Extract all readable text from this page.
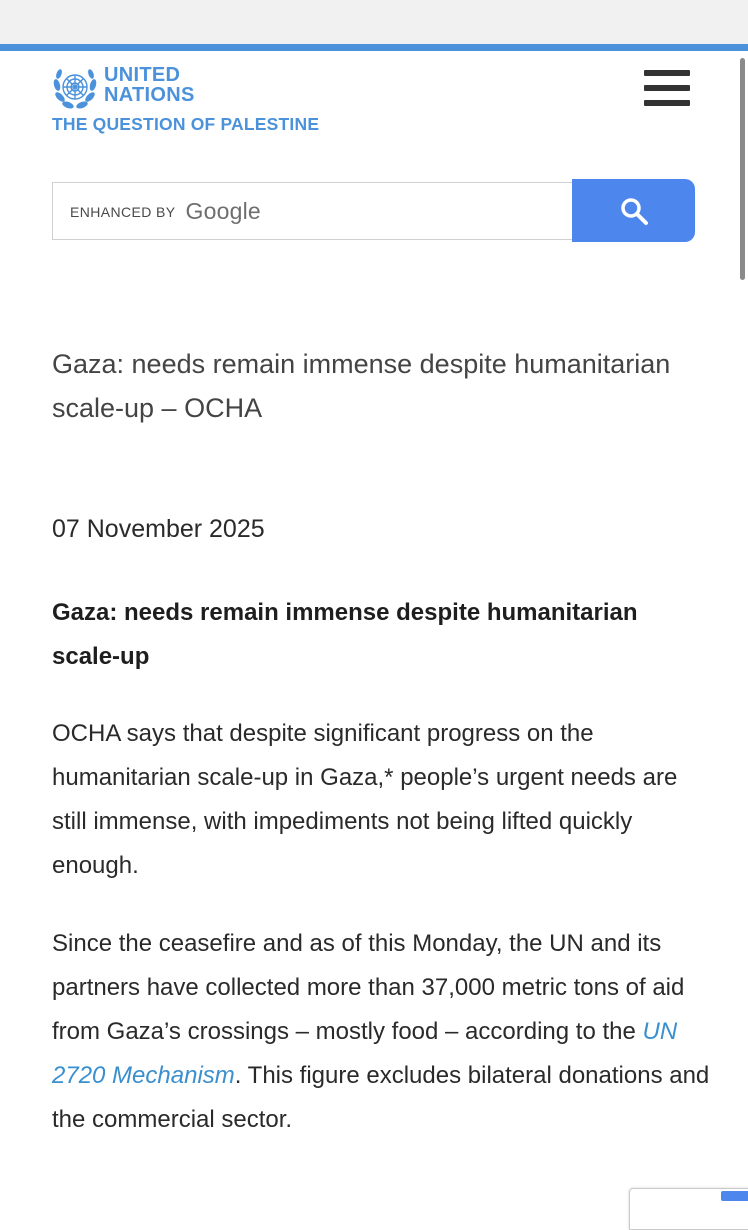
UNITED
NATIONS
THE QUESTION OF PALESTINE
ENHANCED BY Google
Gaza: needs remain immense despite humanitarian scale-up – OCHA
07 November 2025
Gaza: needs remain immense despite humanitarian scale-up
OCHA says that despite significant progress on the humanitarian scale-up in Gaza,* people’s urgent needs are still immense, with impediments not being lifted quickly enough.
Since the ceasefire and as of this Monday, the UN and its partners have collected more than 37,000 metric tons of aid from Gaza’s crossings – mostly food – according to the UN 2720 Mechanism. This figure excludes bilateral donations and the commercial sector.
